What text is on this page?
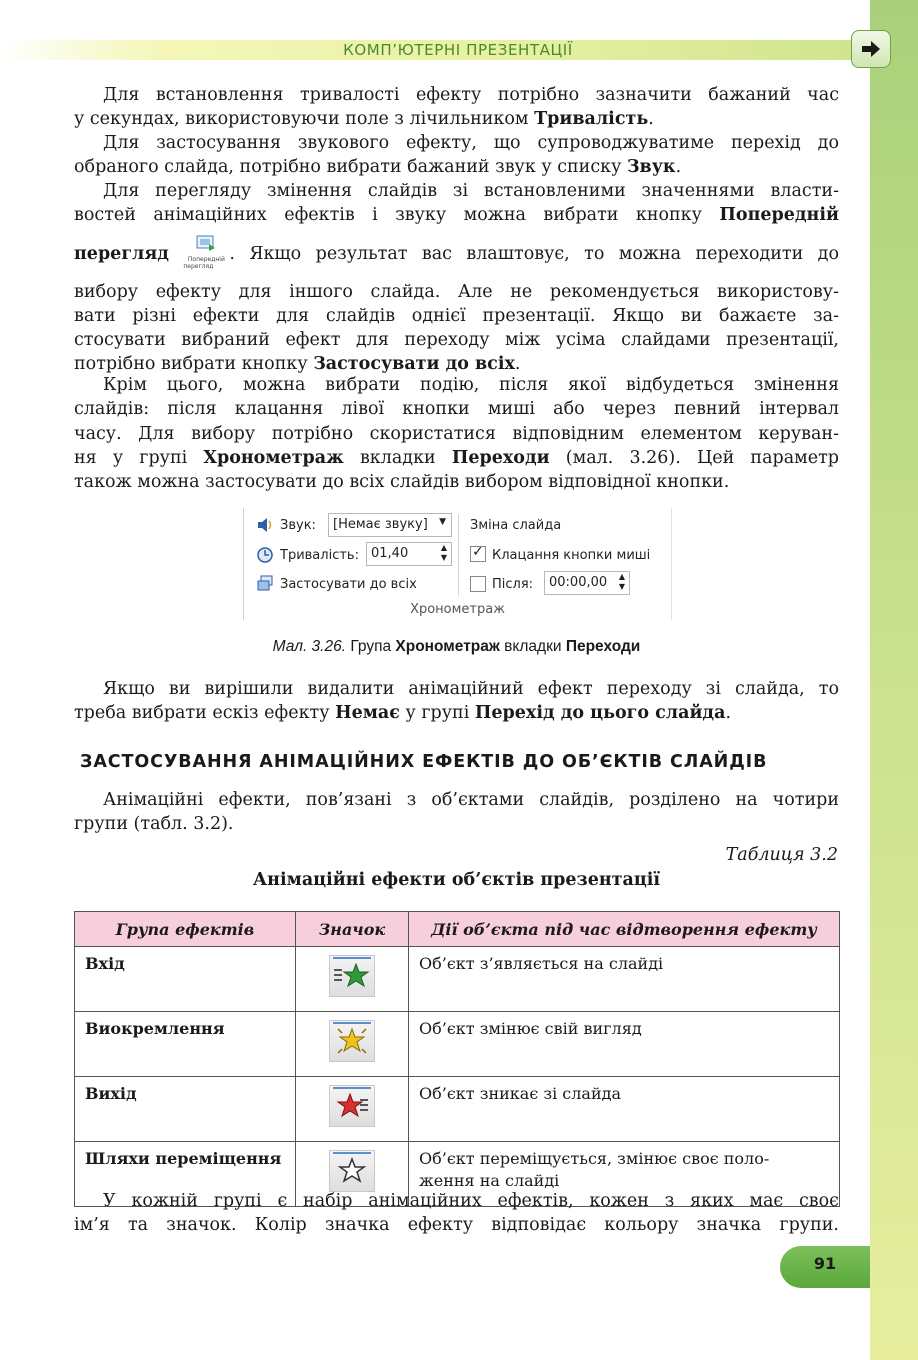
КОМП’ЮТЕРНІ ПРЕЗЕНТАЦІЇ
Для встановлення тривалості ефекту потрібно зазначити бажаний час
у секундах, використовуючи поле з лічильником Тривалість.
Для застосування звукового ефекту, що супроводжуватиме перехід до
обраного слайда, потрібно вибрати бажаний звук у списку Звук.
Для перегляду змінення слайдів зі встановленими значеннями власти-
востей анімаційних ефектів і звуку можна вибрати кнопку Попередній
перегляд	Попередній перегляд
. Якщо результат вас влаштовує, то можна переходити до
вибору ефекту для іншого слайда. Але не рекомендується використову-
вати різні ефекти для слайдів однієї презентації. Якщо ви бажаєте за-
стосувати вибраний ефект для переходу між усіма слайдами презентації,
потрібно вибрати кнопку Застосувати до всіх.
Крім цього, можна вибрати подію, після якої відбудеться змінення
слайдів: після клацання лівої кнопки миші або через певний інтервал
часу. Для вибору потрібно скористатися відповідним елементом керуван-
ня у групі Хронометраж вкладки Переходи (мал. 3.26). Цей параметр
також можна застосувати до всіх слайдів вибором відповідної кнопки.
Звук: [Немає звуку] ▼
Тривалість: 01,40	▲
▼
Застосувати до всіх
Зміна слайда
✓ Клацання кнопки миші
Після: 00:00,00 ▲
▼
Хронометраж
Мал. 3.26. Група Хронометраж вкладки Переходи
Якщо ви вирішили видалити анімаційний ефект переходу зі слайда, то
треба вибрати ескіз ефекту Немає у групі Перехід до цього слайда.
ЗАСТОСУВАННЯ АНІМАЦІЙНИХ ЕФЕКТІВ ДО ОБ’ЄКТІВ СЛАЙДІВ
Анімаційні ефекти, пов’язані з об’єктами слайдів, розділено на чотири
групи (табл. 3.2).
Таблиця 3.2
Анімаційні ефекти об’єктів презентації
Група ефектів	Значок	Дії об’єкта під час відтворення ефекту
Вхід		Об’єкт з’являється на слайді
Виокремлення		Об’єкт змінює свій вигляд
Вихід		Об’єкт зникає зі слайда
Шляхи переміщення		Об’єкт переміщується, змінює своє поло-
ження на слайді
У кожній групі є набір анімаційних ефектів, кожен з яких має своє
ім’я та значок. Колір значка ефекту відповідає кольору значка групи.
91
